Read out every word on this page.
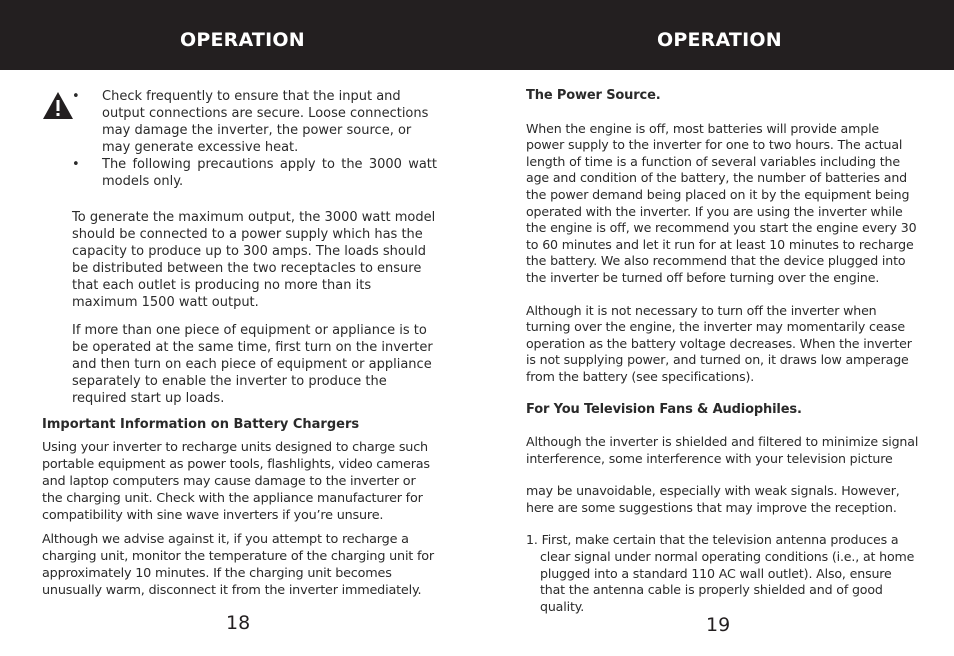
OPERATION	OPERATION
• Check frequently to ensure that the input and output connections are secure. Loose connections may damage the inverter, the power source, or may generate excessive heat.
• The following precautions apply to the 3000 watt models only.

To generate the maximum output, the 3000 watt model should be connected to a power supply which has the capacity to produce up to 300 amps. The loads should be distributed between the two receptacles to ensure that each outlet is producing no more than its maximum 1500 watt output.

If more than one piece of equipment or appliance is to be operated at the same time, first turn on the inverter and then turn on each piece of equipment or appliance separately to enable the inverter to produce the required start up loads.

Important Information on Battery Chargers

Using your inverter to recharge units designed to charge such portable equipment as power tools, flashlights, video cameras and laptop computers may cause damage to the inverter or the charging unit. Check with the appliance manufacturer for compatibility with sine wave inverters if you’re unsure.

Although we advise against it, if you attempt to recharge a charging unit, monitor the temperature of the charging unit for approximately 10 minutes. If the charging unit becomes unusually warm, disconnect it from the inverter immediately.

18

The Power Source.

When the engine is off, most batteries will provide ample power supply to the inverter for one to two hours. The actual length of time is a function of several variables including the age and condition of the battery, the number of batteries and the power demand being placed on it by the equipment being operated with the inverter. If you are using the inverter while the engine is off, we recommend you start the engine every 30 to 60 minutes and let it run for at least 10 minutes to recharge the battery. We also recommend that the device plugged into the inverter be turned off before turning over the engine.

Although it is not necessary to turn off the inverter when turning over the engine, the inverter may momentarily cease operation as the battery voltage decreases. When the inverter is not supplying power, and turned on, it draws low amperage from the battery (see specifications).

For You Television Fans & Audiophiles.

Although the inverter is shielded and filtered to minimize signal interference, some interference with your television picture

may be unavoidable, especially with weak signals. However, here are some suggestions that may improve the reception.

1. First, make certain that the television antenna produces a clear signal under normal operating conditions (i.e., at home plugged into a standard 110 AC wall outlet). Also, ensure that the antenna cable is properly shielded and of good quality.

19
